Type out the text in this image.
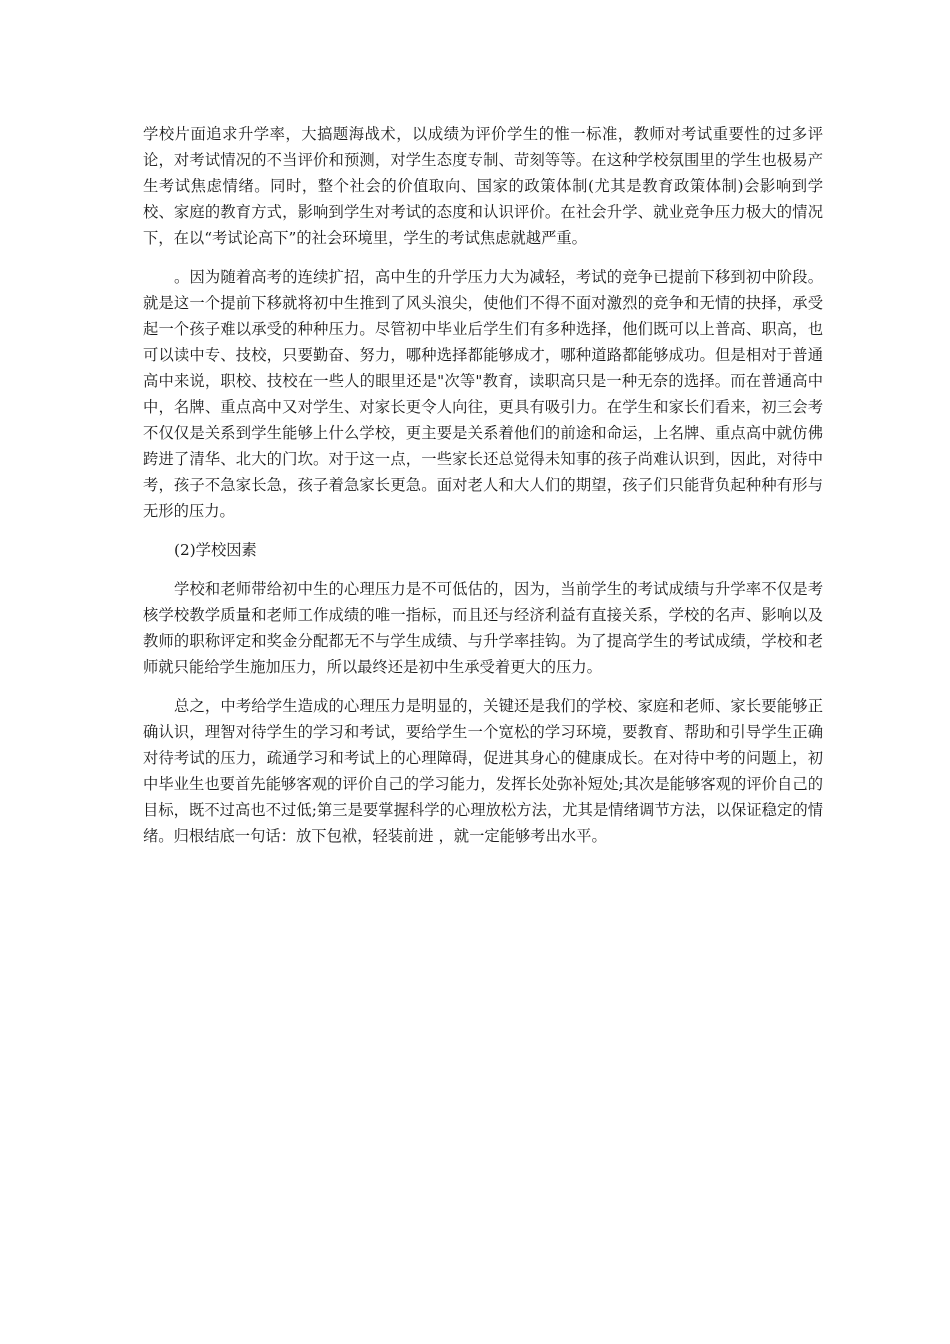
学校片面追求升学率，大搞题海战术，以成绩为评价学生的惟一标准，教师对考试重要性的过多评论，对考试情况的不当评价和预测，对学生态度专制、苛刻等等。在这种学校氛围里的学生也极易产生考试焦虑情绪。同时，整个社会的价值取向、国家的政策体制(尤其是教育政策体制)会影响到学校、家庭的教育方式，影响到学生对考试的态度和认识评价。在社会升学、就业竞争压力极大的情况下，在以“考试论高下”的社会环境里，学生的考试焦虑就越严重。

。因为随着高考的连续扩招，高中生的升学压力大为减轻，考试的竞争已提前下移到初中阶段。就是这一个提前下移就将初中生推到了风头浪尖，使他们不得不面对激烈的竞争和无情的抉择，承受起一个孩子难以承受的种种压力。尽管初中毕业后学生们有多种选择，他们既可以上普高、职高，也可以读中专、技校，只要勤奋、努力，哪种选择都能够成才，哪种道路都能够成功。但是相对于普通高中来说，职校、技校在一些人的眼里还是"次等"教育，读职高只是一种无奈的选择。而在普通高中中，名牌、重点高中又对学生、对家长更令人向往，更具有吸引力。在学生和家长们看来，初三会考不仅仅是关系到学生能够上什么学校，更主要是关系着他们的前途和命运，上名牌、重点高中就仿佛跨进了清华、北大的门坎。对于这一点，一些家长还总觉得未知事的孩子尚难认识到，因此，对待中考，孩子不急家长急，孩子着急家长更急。面对老人和大人们的期望，孩子们只能背负起种种有形与无形的压力。

(2)学校因素

学校和老师带给初中生的心理压力是不可低估的，因为，当前学生的考试成绩与升学率不仅是考核学校教学质量和老师工作成绩的唯一指标，而且还与经济利益有直接关系，学校的名声、影响以及教师的职称评定和奖金分配都无不与学生成绩、与升学率挂钩。为了提高学生的考试成绩，学校和老师就只能给学生施加压力，所以最终还是初中生承受着更大的压力。

总之，中考给学生造成的心理压力是明显的，关键还是我们的学校、家庭和老师、家长要能够正确认识，理智对待学生的学习和考试，要给学生一个宽松的学习环境，要教育、帮助和引导学生正确对待考试的压力，疏通学习和考试上的心理障碍，促进其身心的健康成长。在对待中考的问题上，初中毕业生也要首先能够客观的评价自己的学习能力，发挥长处弥补短处;其次是能够客观的评价自己的目标，既不过高也不过低;第三是要掌握科学的心理放松方法，尤其是情绪调节方法，以保证稳定的情绪。归根结底一句话：放下包袱，轻装前进 ，就一定能够考出水平。
